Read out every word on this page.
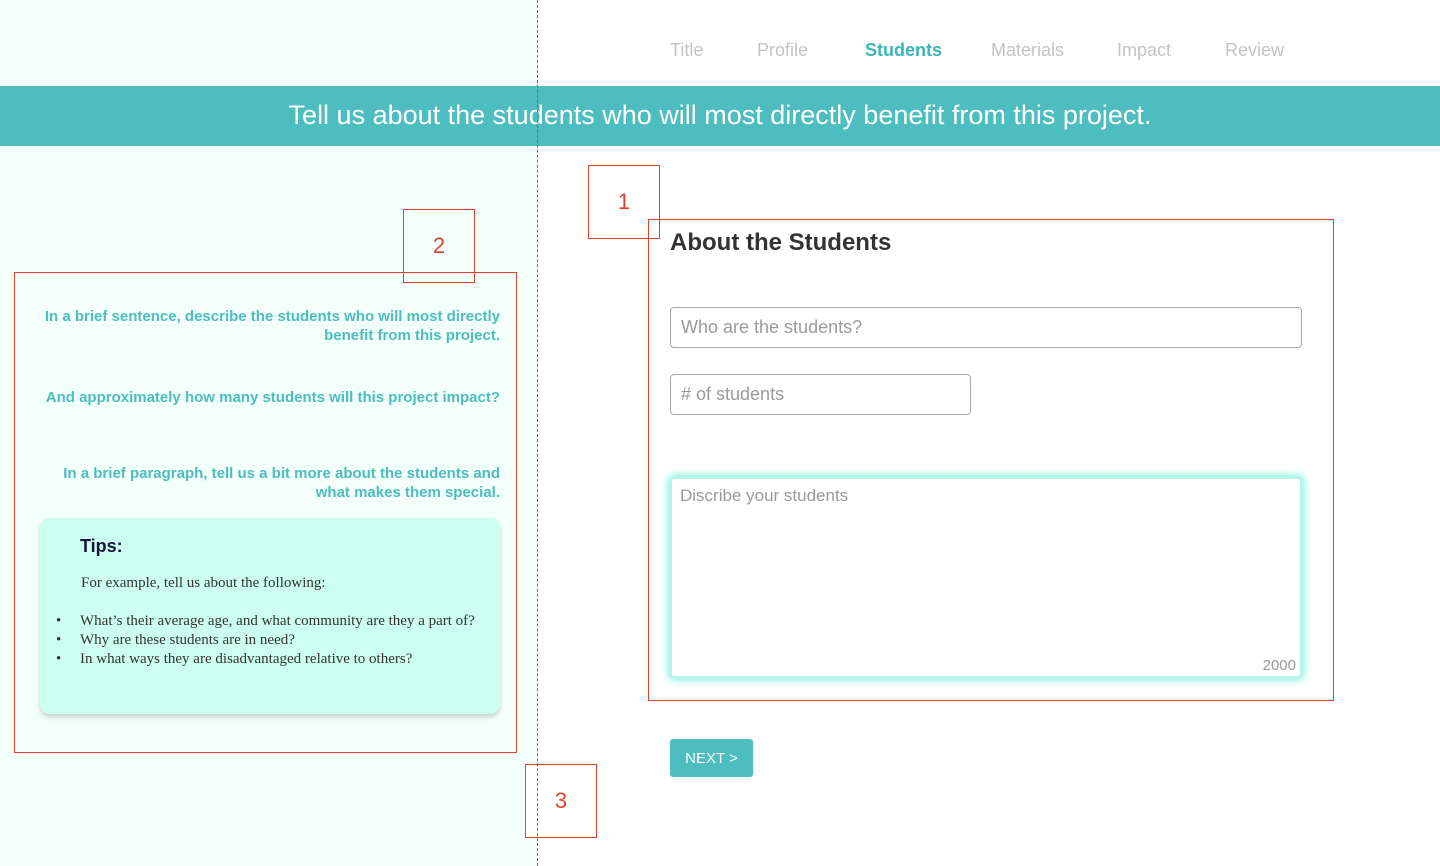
Title	Profile	Students	Materials	Impact	Review
Tell us about the students who will most directly benefit from this project.
2
1
3
In a brief sentence, describe the students who will most directly benefit from this project.
And approximately how many students will this project impact?
In a brief paragraph, tell us a bit more about the students and what makes them special.
Tips:
For example, tell us about the following:
• What’s their average age, and what community are they a part of?
• Why are these students are in need?
• In what ways they are disadvantaged relative to others?
About the Students
Who are the students?
# of students
Discribe your students
2000
NEXT >
